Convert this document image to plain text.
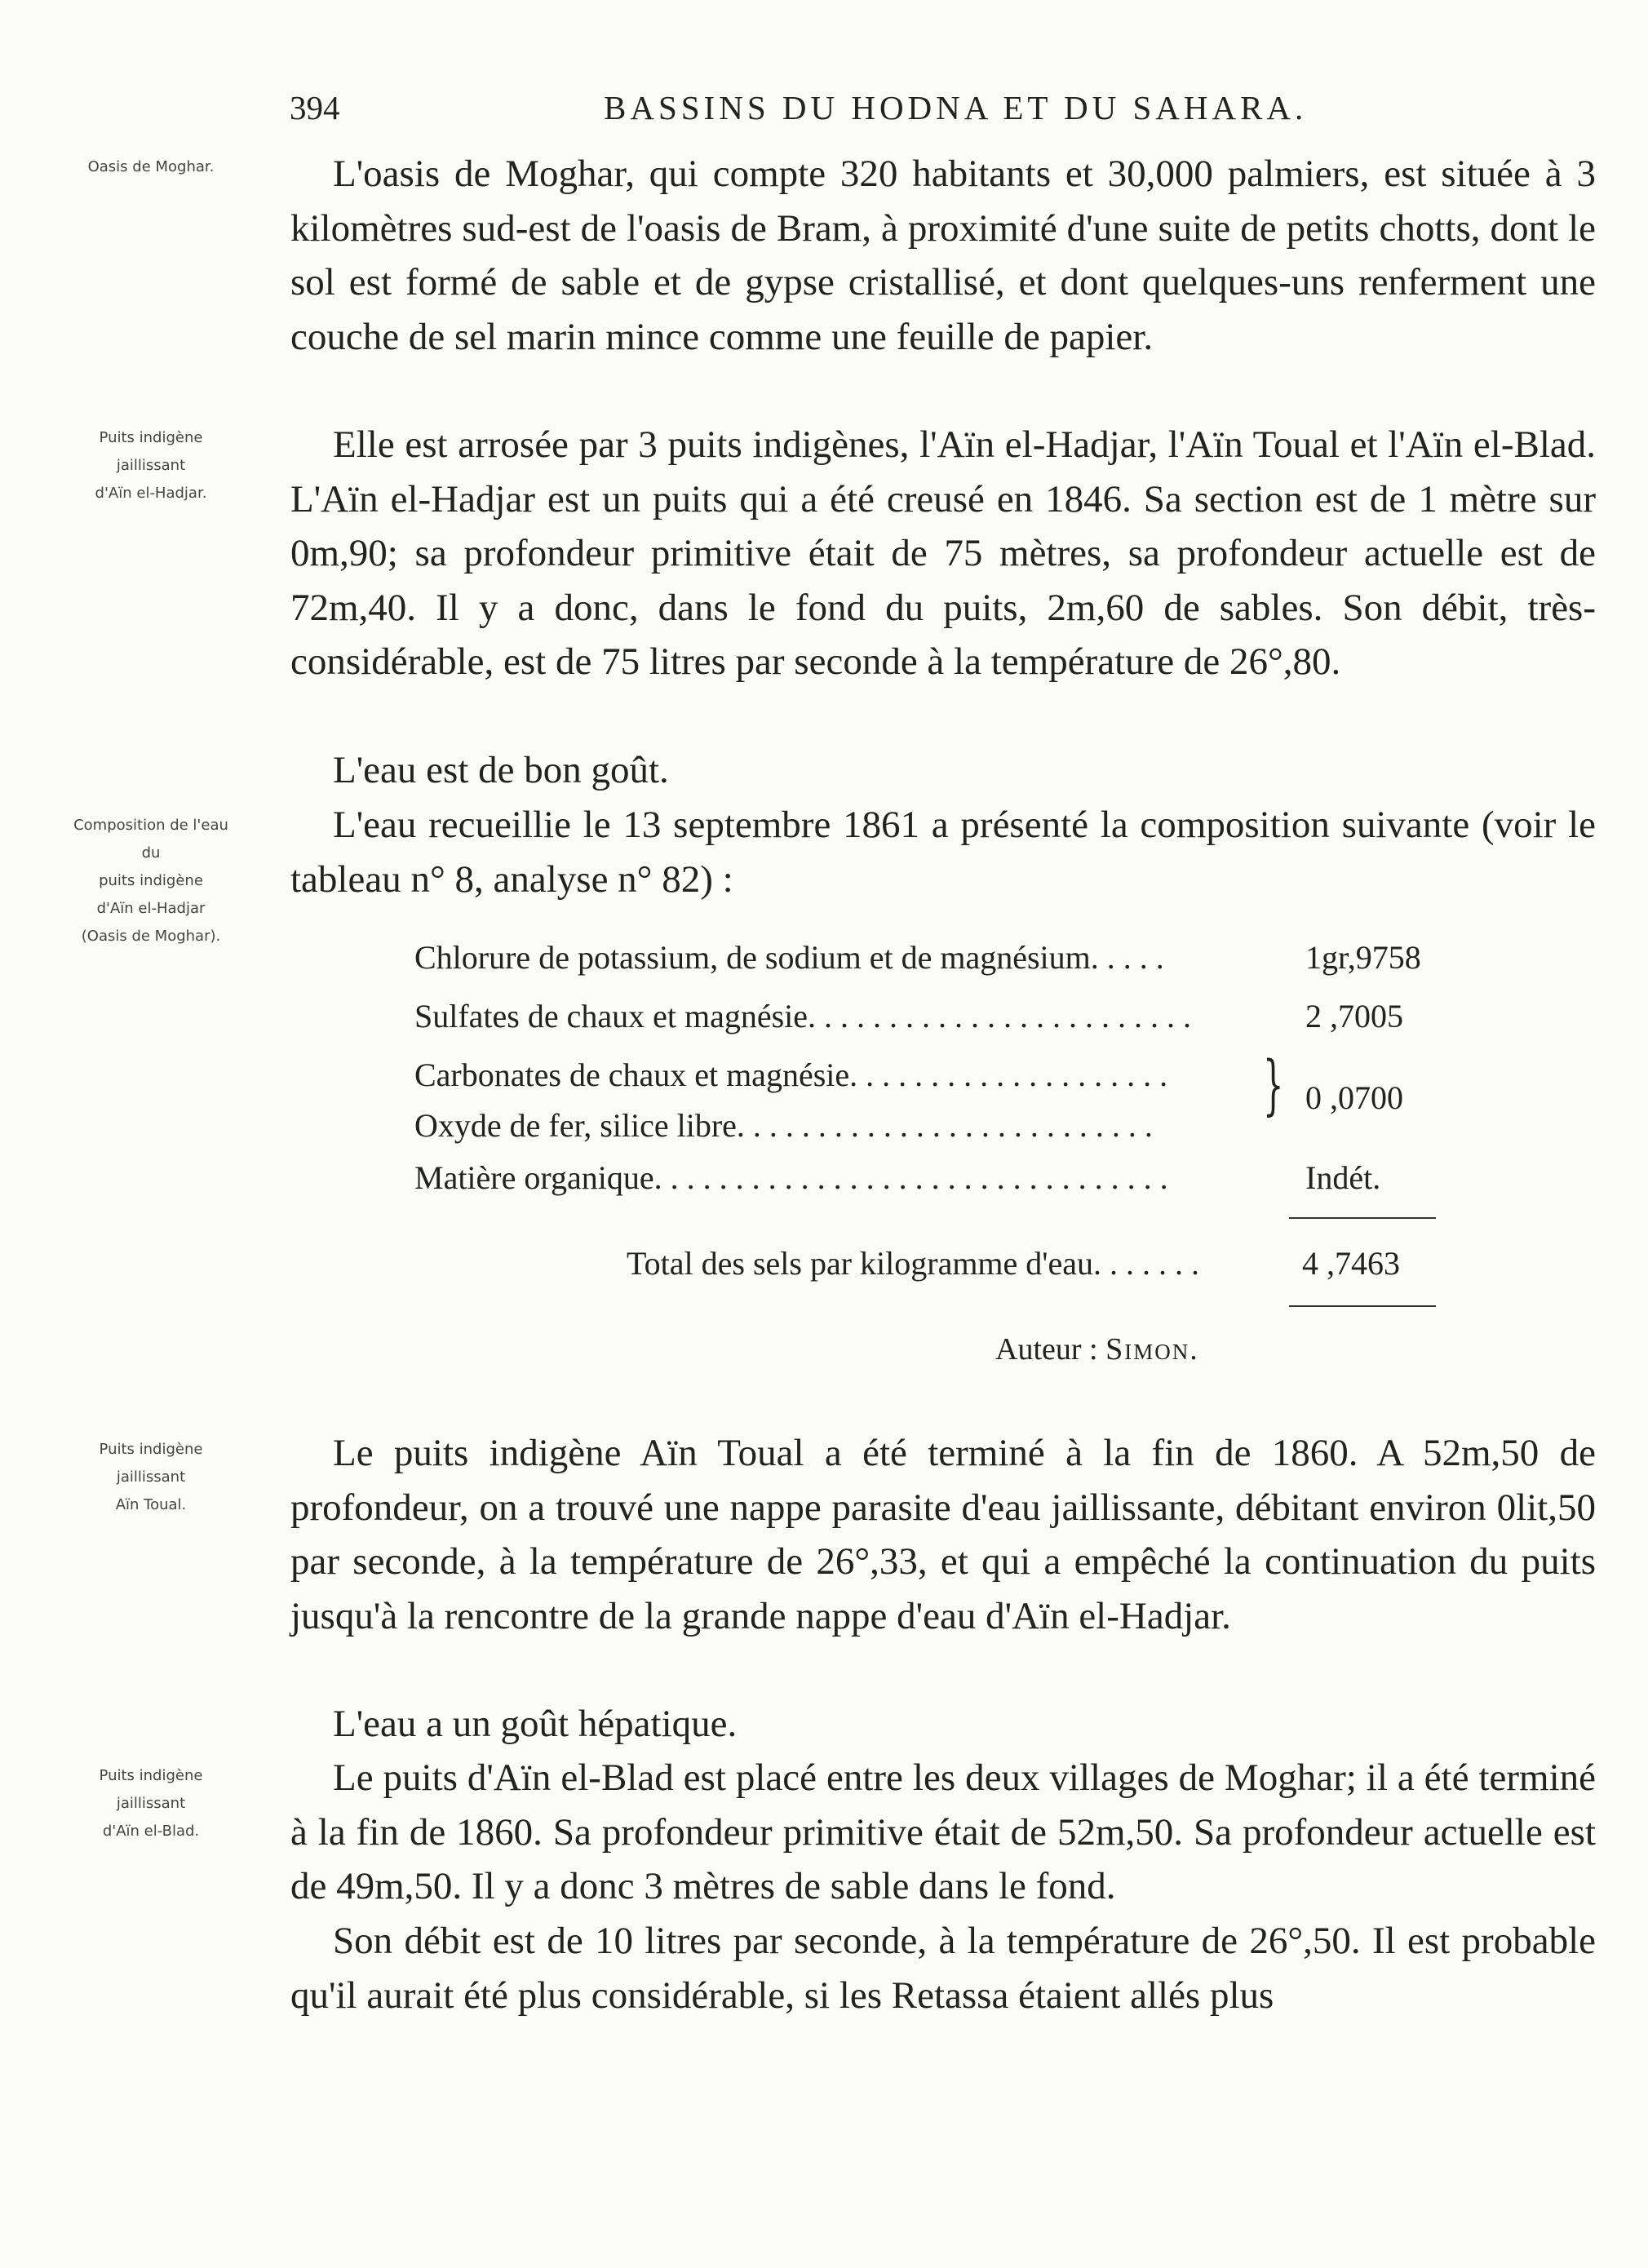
394	BASSINS DU HODNA ET DU SAHARA.
Oasis de Moghar.
Puits indigène
jaillissant
d'Aïn el-Hadjar.
Composition de l'eau
du
puits indigène
d'Aïn el-Hadjar
(Oasis de Moghar).
Puits indigène
jaillissant
Aïn Toual.
Puits indigène
jaillissant
d'Aïn el-Blad.
L'oasis de Moghar, qui compte 320 habitants et 30,000 palmiers, est située à 3 kilomètres sud-est de l'oasis de Bram, à proximité d'une suite de petits chotts, dont le sol est formé de sable et de gypse cristallisé, et dont quelques-uns renferment une couche de sel marin mince comme une feuille de papier.
Elle est arrosée par 3 puits indigènes, l'Aïn el-Hadjar, l'Aïn Toual et l'Aïn el-Blad. L'Aïn el-Hadjar est un puits qui a été creusé en 1846. Sa section est de 1 mètre sur 0m,90; sa profondeur primitive était de 75 mètres, sa profondeur actuelle est de 72m,40. Il y a donc, dans le fond du puits, 2m,60 de sables. Son débit, très-considérable, est de 75 litres par seconde à la température de 26°,80.
L'eau est de bon goût.
L'eau recueillie le 13 septembre 1861 a présenté la composition suivante (voir le tableau n° 8, analyse n° 82) :
Chlorure de potassium, de sodium et de magnésium. . . . .	1gr,9758
Sulfates de chaux et magnésie. . . . . . . . . . . . . . . . . . . . . . . .	2 ,7005
Carbonates de chaux et magnésie. . . . . . . . . . . . . . . . . . . .
Oxyde de fer, silice libre. . . . . . . . . . . . . . . . . . . . . . . . . .
} 0 ,0700
Matière organique. . . . . . . . . . . . . . . . . . . . . . . . . . . . . . . .	Indét.
Total des sels par kilogramme d'eau. . . . . . .	4 ,7463
Auteur : Simon.
Le puits indigène Aïn Toual a été terminé à la fin de 1860. A 52m,50 de profondeur, on a trouvé une nappe parasite d'eau jaillissante, débitant environ 0lit,50 par seconde, à la température de 26°,33, et qui a empêché la continuation du puits jusqu'à la rencontre de la grande nappe d'eau d'Aïn el-Hadjar.
L'eau a un goût hépatique.
Le puits d'Aïn el-Blad est placé entre les deux villages de Moghar; il a été terminé à la fin de 1860. Sa profondeur primitive était de 52m,50. Sa profondeur actuelle est de 49m,50. Il y a donc 3 mètres de sable dans le fond.
Son débit est de 10 litres par seconde, à la température de 26°,50. Il est probable qu'il aurait été plus considérable, si les Retassa étaient allés plus
